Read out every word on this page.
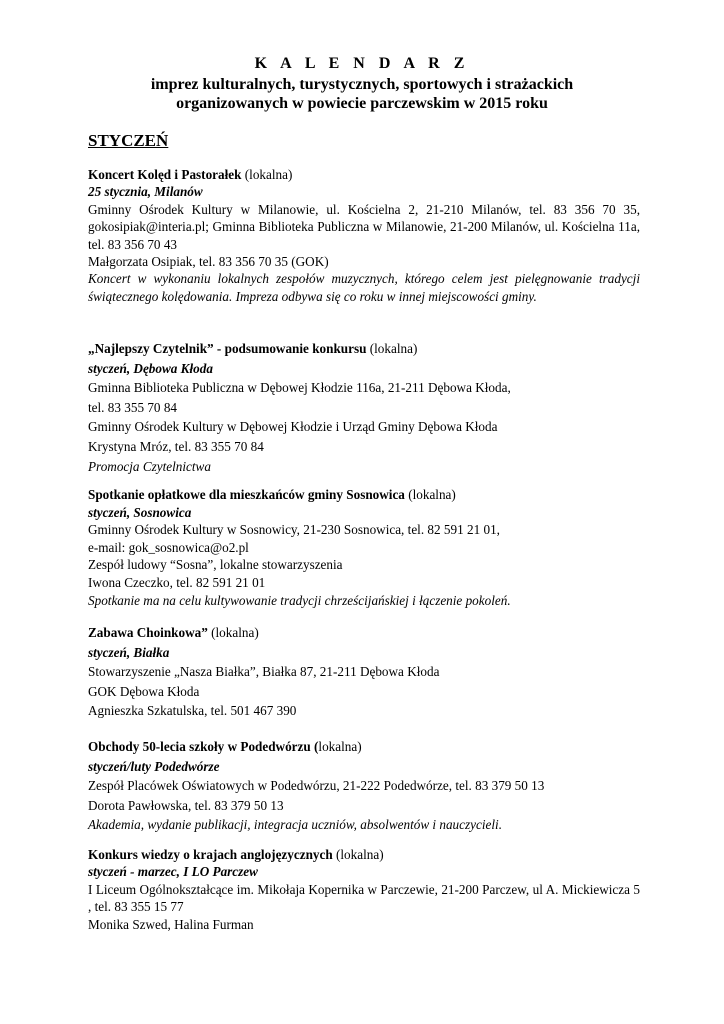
K A L E N D A R Z
imprez kulturalnych, turystycznych, sportowych i strażackich
organizowanych w powiecie parczewskim w 2015 roku
STYCZEŃ
Koncert Kolęd i Pastorałek (lokalna)
25 stycznia, Milanów
Gminny Ośrodek Kultury w Milanowie, ul. Kościelna 2, 21-210 Milanów, tel. 83 356 70 35, gokosipiak@interia.pl; Gminna Biblioteka Publiczna w Milanowie, 21-200 Milanów, ul. Kościelna 11a, tel. 83 356 70 43
Małgorzata Osipiak, tel. 83 356 70 35 (GOK)
Koncert w wykonaniu lokalnych zespołów muzycznych, którego celem jest pielęgnowanie tradycji świątecznego kolędowania. Impreza odbywa się co roku w innej miejscowości gminy.
„Najlepszy Czytelnik” - podsumowanie konkursu (lokalna)
styczeń, Dębowa Kłoda
Gminna Biblioteka Publiczna w Dębowej Kłodzie 116a, 21-211 Dębowa Kłoda,
tel. 83 355 70 84
Gminny Ośrodek Kultury w Dębowej Kłodzie i Urząd Gminy Dębowa Kłoda
Krystyna Mróz, tel. 83 355 70 84
Promocja Czytelnictwa
Spotkanie opłatkowe dla mieszkańców gminy Sosnowica (lokalna)
styczeń, Sosnowica
Gminny Ośrodek Kultury w Sosnowicy, 21-230 Sosnowica, tel. 82 591 21 01,
e-mail: gok_sosnowica@o2.pl
Zespół ludowy “Sosna”, lokalne stowarzyszenia
Iwona Czeczko, tel. 82 591 21 01
Spotkanie ma na celu kultywowanie tradycji chrześcijańskiej i łączenie pokoleń.
Zabawa Choinkowa” (lokalna)
styczeń, Białka
Stowarzyszenie „Nasza Białka”, Białka 87, 21-211 Dębowa Kłoda
GOK Dębowa Kłoda
Agnieszka Szkatulska, tel. 501 467 390
Obchody 50-lecia szkoły w Podedwórzu (lokalna)
styczeń/luty Podedwórze
Zespół Placówek Oświatowych w Podedwórzu, 21-222 Podedwórze, tel. 83 379 50 13
Dorota Pawłowska, tel. 83 379 50 13
Akademia, wydanie publikacji, integracja uczniów, absolwentów i nauczycieli.
Konkurs wiedzy o krajach anglojęzycznych (lokalna)
styczeń - marzec, I LO Parczew
I Liceum Ogólnokształcące im. Mikołaja Kopernika w Parczewie, 21-200 Parczew, ul A. Mickiewicza 5 , tel. 83 355 15 77
Monika Szwed, Halina Furman
